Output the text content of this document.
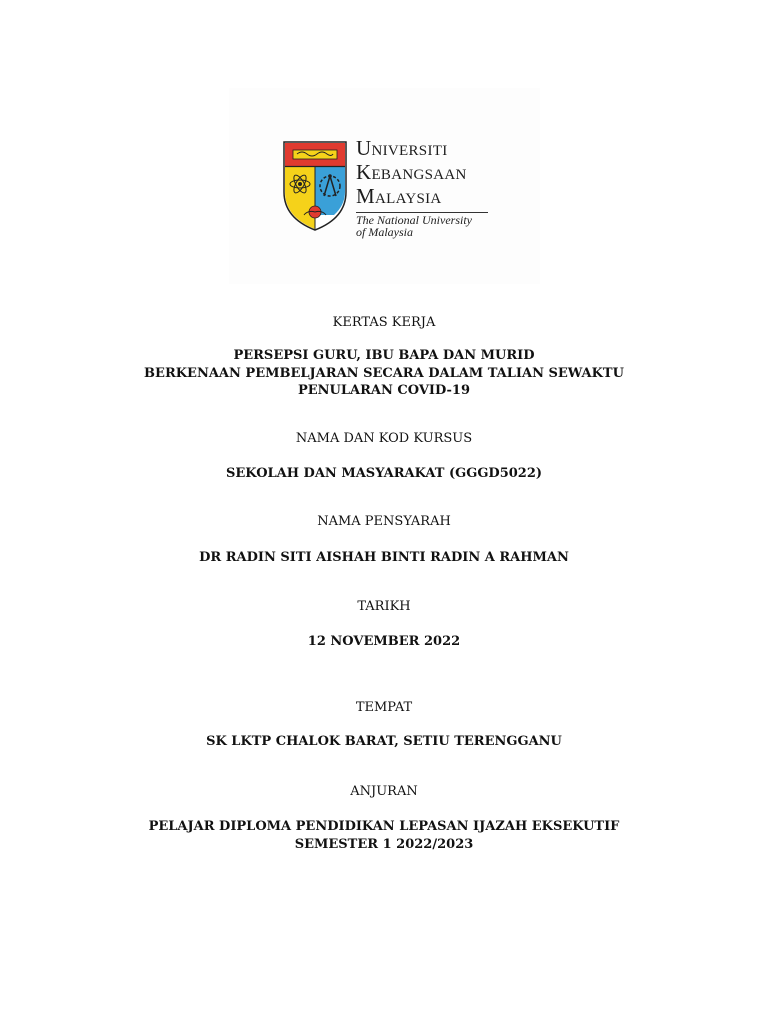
UNIVERSITI
KEBANGSAAN
MALAYSIA
The National University
of Malaysia
KERTAS KERJA
PERSEPSI GURU, IBU BAPA DAN MURID
BERKENAAN PEMBELJARAN SECARA DALAM TALIAN SEWAKTU
PENULARAN COVID-19
NAMA DAN KOD KURSUS
SEKOLAH DAN MASYARAKAT (GGGD5022)
NAMA PENSYARAH
DR RADIN SITI AISHAH BINTI RADIN A RAHMAN
TARIKH
12 NOVEMBER 2022
TEMPAT
SK LKTP CHALOK BARAT, SETIU TERENGGANU
ANJURAN
PELAJAR DIPLOMA PENDIDIKAN LEPASAN IJAZAH EKSEKUTIF
SEMESTER 1 2022/2023
